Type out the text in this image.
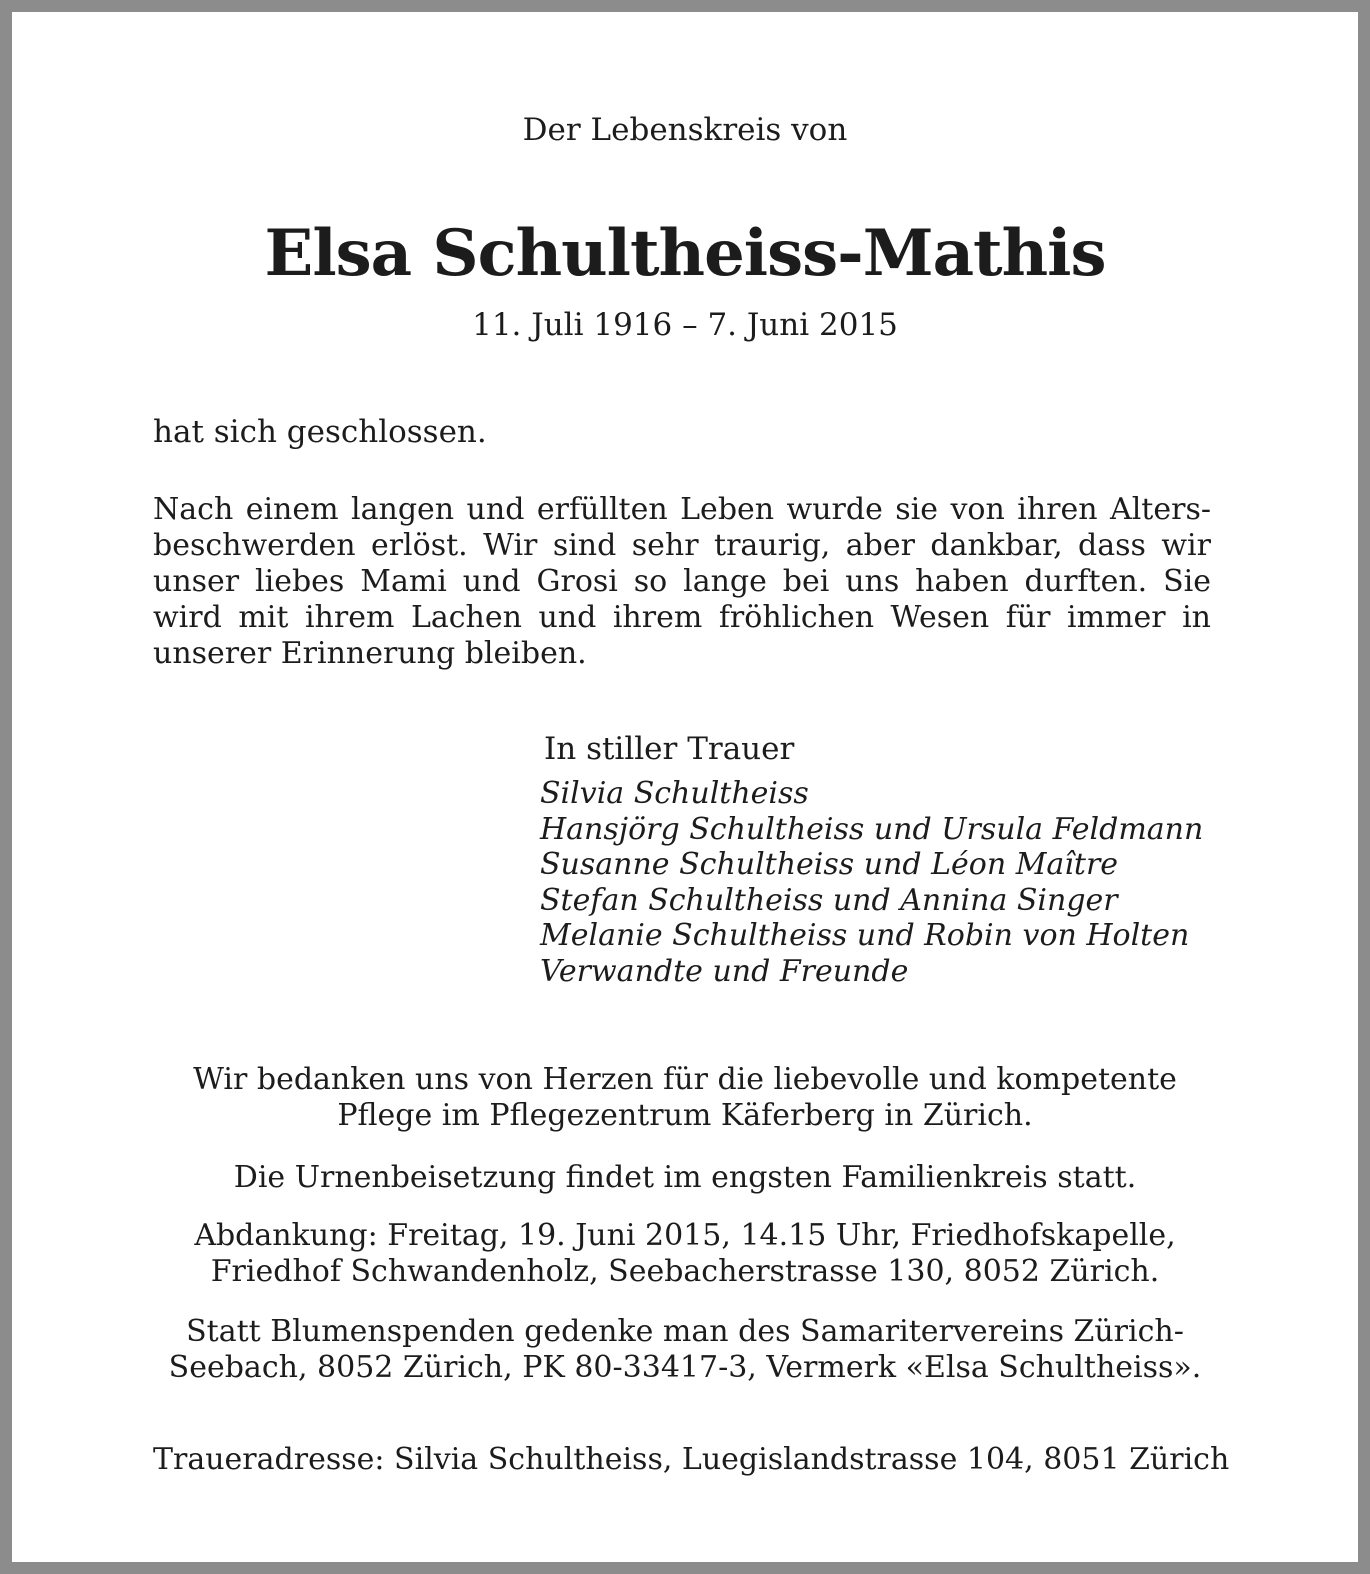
Der Lebenskreis von

Elsa Schultheiss-Mathis

11. Juli 1916 – 7. Juni 2015

hat sich geschlossen.

Nach einem langen und erfüllten Leben wurde sie von ihren Alters-beschwerden erlöst. Wir sind sehr traurig, aber dankbar, dass wir unser liebes Mami und Grosi so lange bei uns haben durften. Sie wird mit ihrem Lachen und ihrem fröhlichen Wesen für immer in unserer Erinnerung bleiben.

In stiller Trauer

Silvia Schultheiss
Hansjörg Schultheiss und Ursula Feldmann
Susanne Schultheiss und Léon Maître
Stefan Schultheiss und Annina Singer
Melanie Schultheiss und Robin von Holten
Verwandte und Freunde

Wir bedanken uns von Herzen für die liebevolle und kompetente
Pflege im Pflegezentrum Käferberg in Zürich.

Die Urnenbeisetzung findet im engsten Familienkreis statt.

Abdankung: Freitag, 19. Juni 2015, 14.15 Uhr, Friedhofskapelle,
Friedhof Schwandenholz, Seebacherstrasse 130, 8052 Zürich.

Statt Blumenspenden gedenke man des Samaritervereins Zürich-
Seebach, 8052 Zürich, PK 80-33417-3, Vermerk «Elsa Schultheiss».

Traueradresse: Silvia Schultheiss, Luegislandstrasse 104, 8051 Zürich
